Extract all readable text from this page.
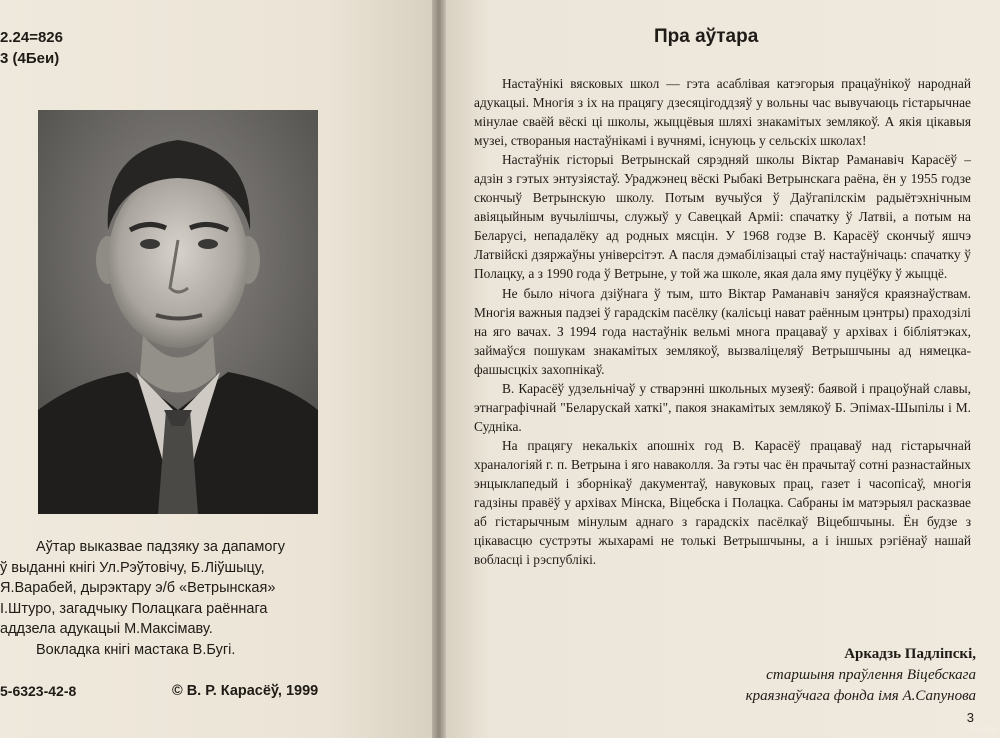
2.24=826
3 (4Беи)

Аўтар выказвае падзяку за дапамогу

ў выданні кнігі Ул.Рэўтовічу, Б.Ліўшыцу,

Я.Варабей, дырэктару э/б «Ветрынская»

І.Штуро, загадчыку Полацкага раённага

аддзела адукацыі М.Максімаву.

Вокладка кнігі мастака В.Бугі.

5-6323-42-8	© В. Р. Карасёў, 1999
Пра аўтара

Настаўнікі вясковых школ — гэта асаблівая катэгорыя працаўнікоў народнай адукацыі. Многія з іх на працягу дзесяцігоддзяў у вольны час вывучаюць гістарычнае мінулае сваёй вёскі ці школы, жыццёвыя шляхі знакамітых землякоў. А якія цікавыя музеі, створаныя настаўнікамі і вучнямі, існуюць у сельскіх школах!

Настаўнік гісторыі Ветрынскай сярэдняй школы Віктар Раманавіч Карасёў – адзін з гэтых энтузіястаў. Ураджэнец вёскі Рыбакі Ветрынскага раёна, ён у 1955 годзе скончыў Ветрынскую школу. Потым вучыўся ў Даўгапілскім радыётэхнічным авіяцыйным вучылішчы, служыў у Савецкай Арміі: спачатку ў Латвіі, а потым на Беларусі, непадалёку ад родных мясцін. У 1968 годзе В. Карасёў скончыў яшчэ Латвійскі дзяржаўны універсітэт. А пасля дэмабілізацыі стаў настаўнічаць: спачатку ў Полацку, а з 1990 года ў Ветрыне, у той жа школе, якая дала яму пуцёўку ў жыццё.

Не было нічога дзіўнага ў тым, што Віктар Раманавіч заняўся краязнаўствам. Многія важныя падзеі ў гарадскім пасёлку (калісьці нават раённым цэнтры) праходзілі на яго вачах. З 1994 года настаўнік вельмі многа працаваў у архівах і бібліятэках, займаўся пошукам знакамітых землякоў, вызваліцеляў Ветрышчыны ад нямецка-фашысцкіх захопнікаў.

В. Карасёў удзельнічаў у стварэнні школьных музеяў: баявой і працоўнай славы, этнаграфічнай "Беларускай хаткі", пакоя знакамітых землякоў Б. Эпімах-Шыпілы і М. Судніка.

На працягу некалькіх апошніх год В. Карасёў працаваў над гістарычнай храналогіяй г. п. Ветрына і яго наваколля. За гэты час ён прачытаў сотні разнастайных энцыклапедый і зборнікаў дакументаў, навуковых прац, газет і часопісаў, многія гадзіны правёў у архівах Мінска, Віцебска і Полацка. Сабраны ім матэрыял расказвае аб гістарычным мінулым аднаго з гарадскіх пасёлкаў Віцебшчыны. Ён будзе з цікавасцю сустрэты жыхарамі не толькі Ветрышчыны, а і іншых рэгіёнаў нашай вобласці і рэспублікі.

Аркадзь Падліпскі,
старшыня праўлення Віцебскага
краязнаўчага фонда імя А.Сапунова
3
© ay.by
